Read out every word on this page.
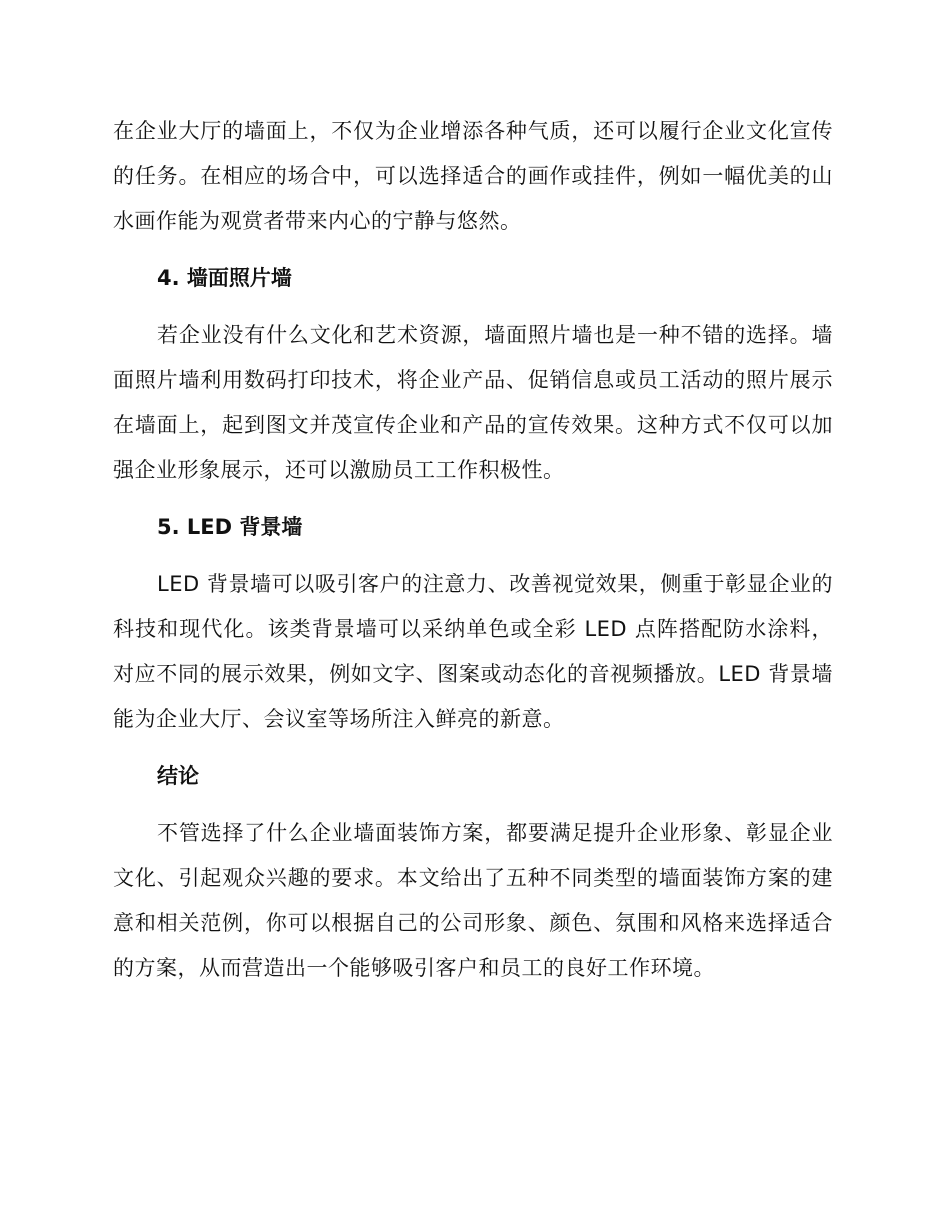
在企业大厅的墙面上，不仅为企业增添各种气质，还可以履行企业文化宣传的任务。在相应的场合中，可以选择适合的画作或挂件，例如一幅优美的山水画作能为观赏者带来内心的宁静与悠然。

4. 墙面照片墙

若企业没有什么文化和艺术资源，墙面照片墙也是一种不错的选择。墙面照片墙利用数码打印技术，将企业产品、促销信息或员工活动的照片展示在墙面上，起到图文并茂宣传企业和产品的宣传效果。这种方式不仅可以加强企业形象展示，还可以激励员工工作积极性。

5. LED 背景墙

LED 背景墙可以吸引客户的注意力、改善视觉效果，侧重于彰显企业的科技和现代化。该类背景墙可以采纳单色或全彩 LED 点阵搭配防水涂料，对应不同的展示效果，例如文字、图案或动态化的音视频播放。LED 背景墙能为企业大厅、会议室等场所注入鲜亮的新意。

结论

不管选择了什么企业墙面装饰方案，都要满足提升企业形象、彰显企业文化、引起观众兴趣的要求。本文给出了五种不同类型的墙面装饰方案的建意和相关范例，你可以根据自己的公司形象、颜色、氛围和风格来选择适合的方案，从而营造出一个能够吸引客户和员工的良好工作环境。
